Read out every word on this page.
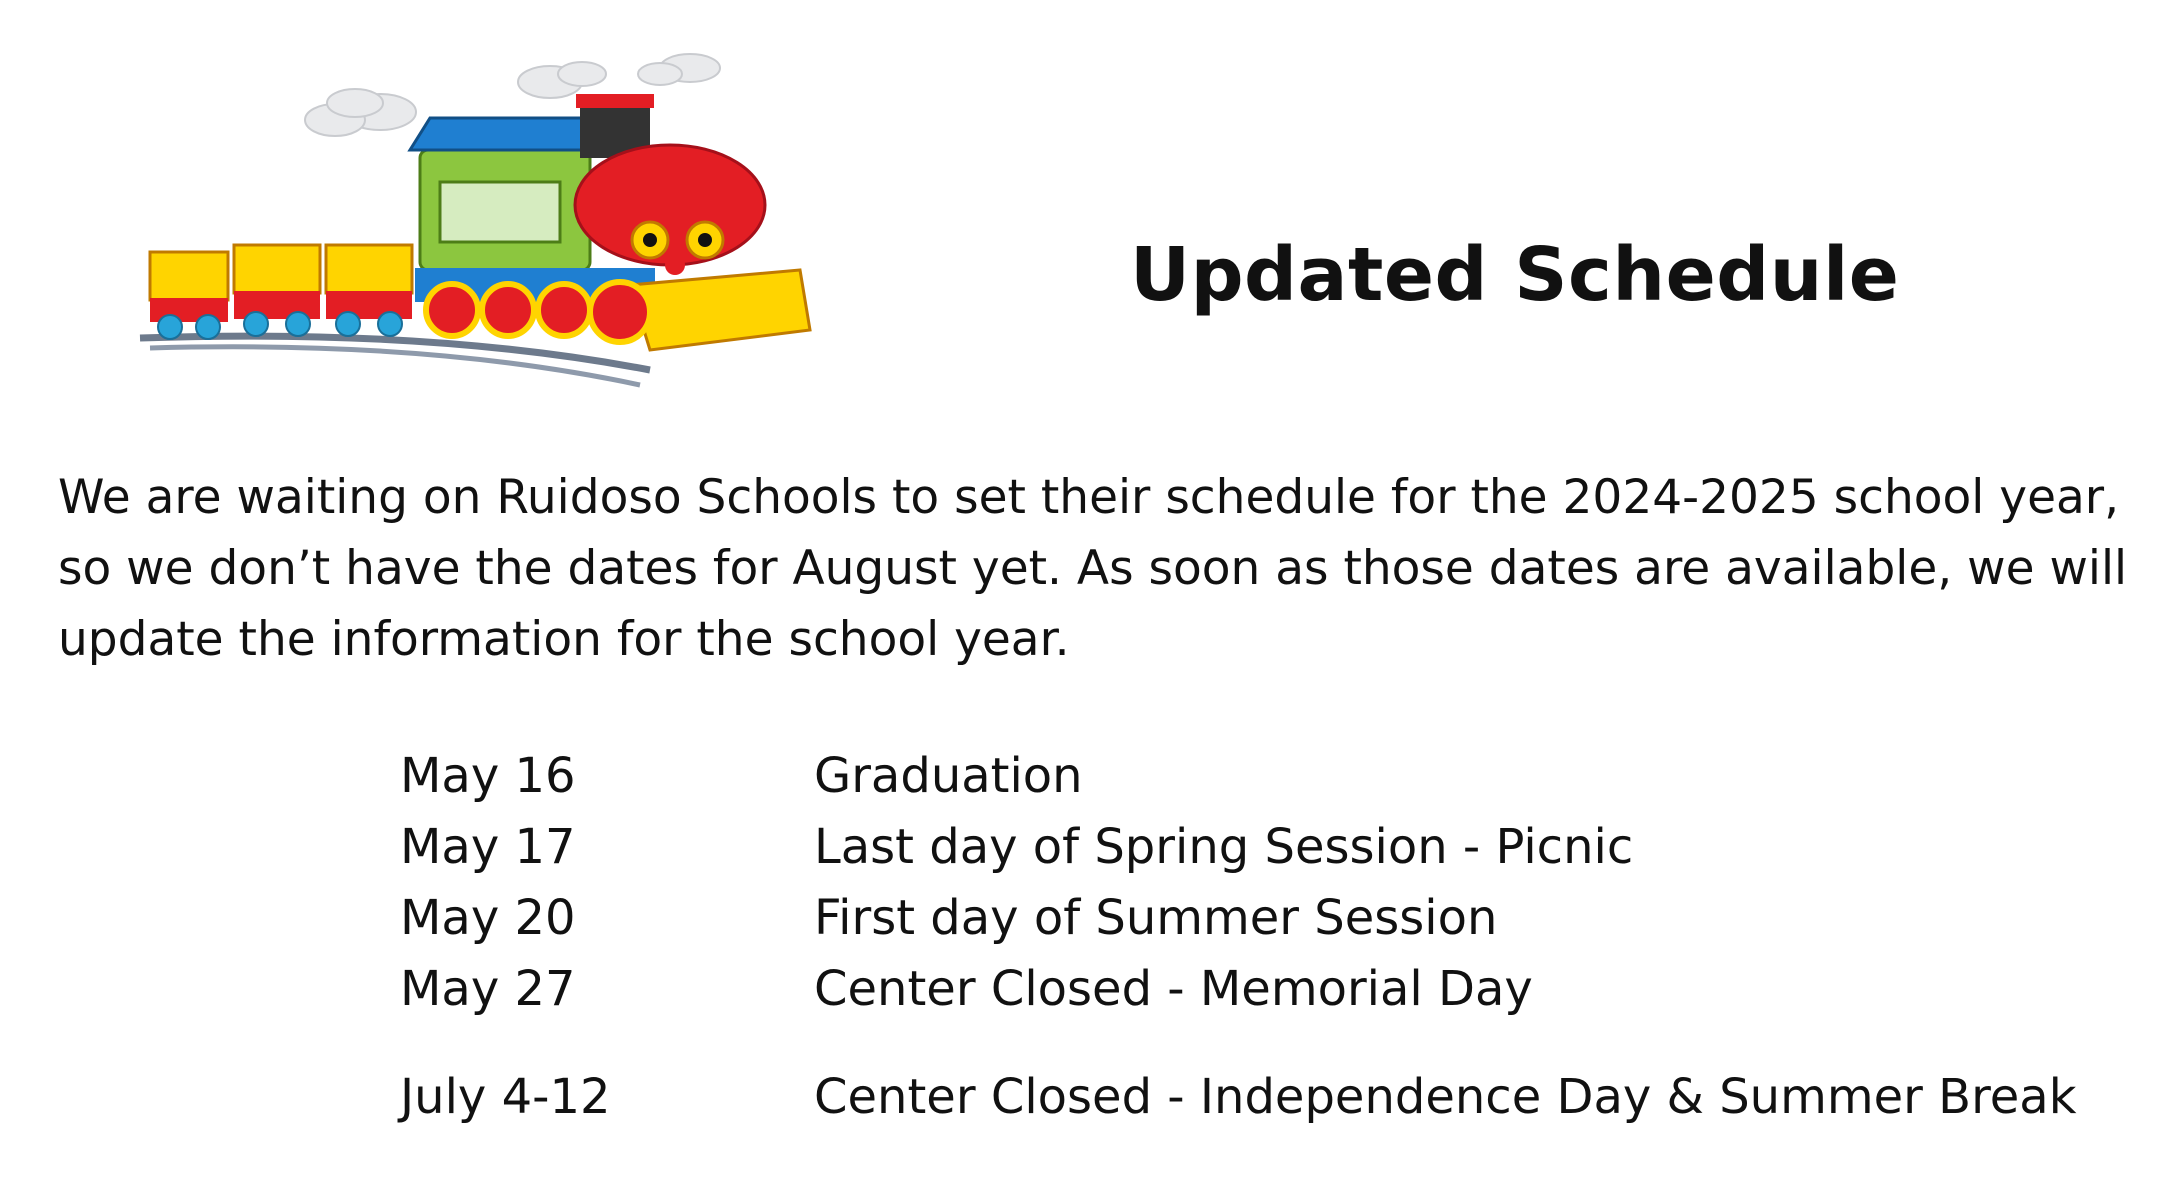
Updated Schedule

We are waiting on Ruidoso Schools to set their schedule for the 2024-2025 school year,

so we don’t have the dates for August yet. As soon as those dates are available, we will

update the information for the school year.

May 16	Graduation
May 17	Last day of Spring Session - Picnic
May 20	First day of Summer Session
May 27	Center Closed - Memorial Day
July 4-12	Center Closed - Independence Day & Summer Break
